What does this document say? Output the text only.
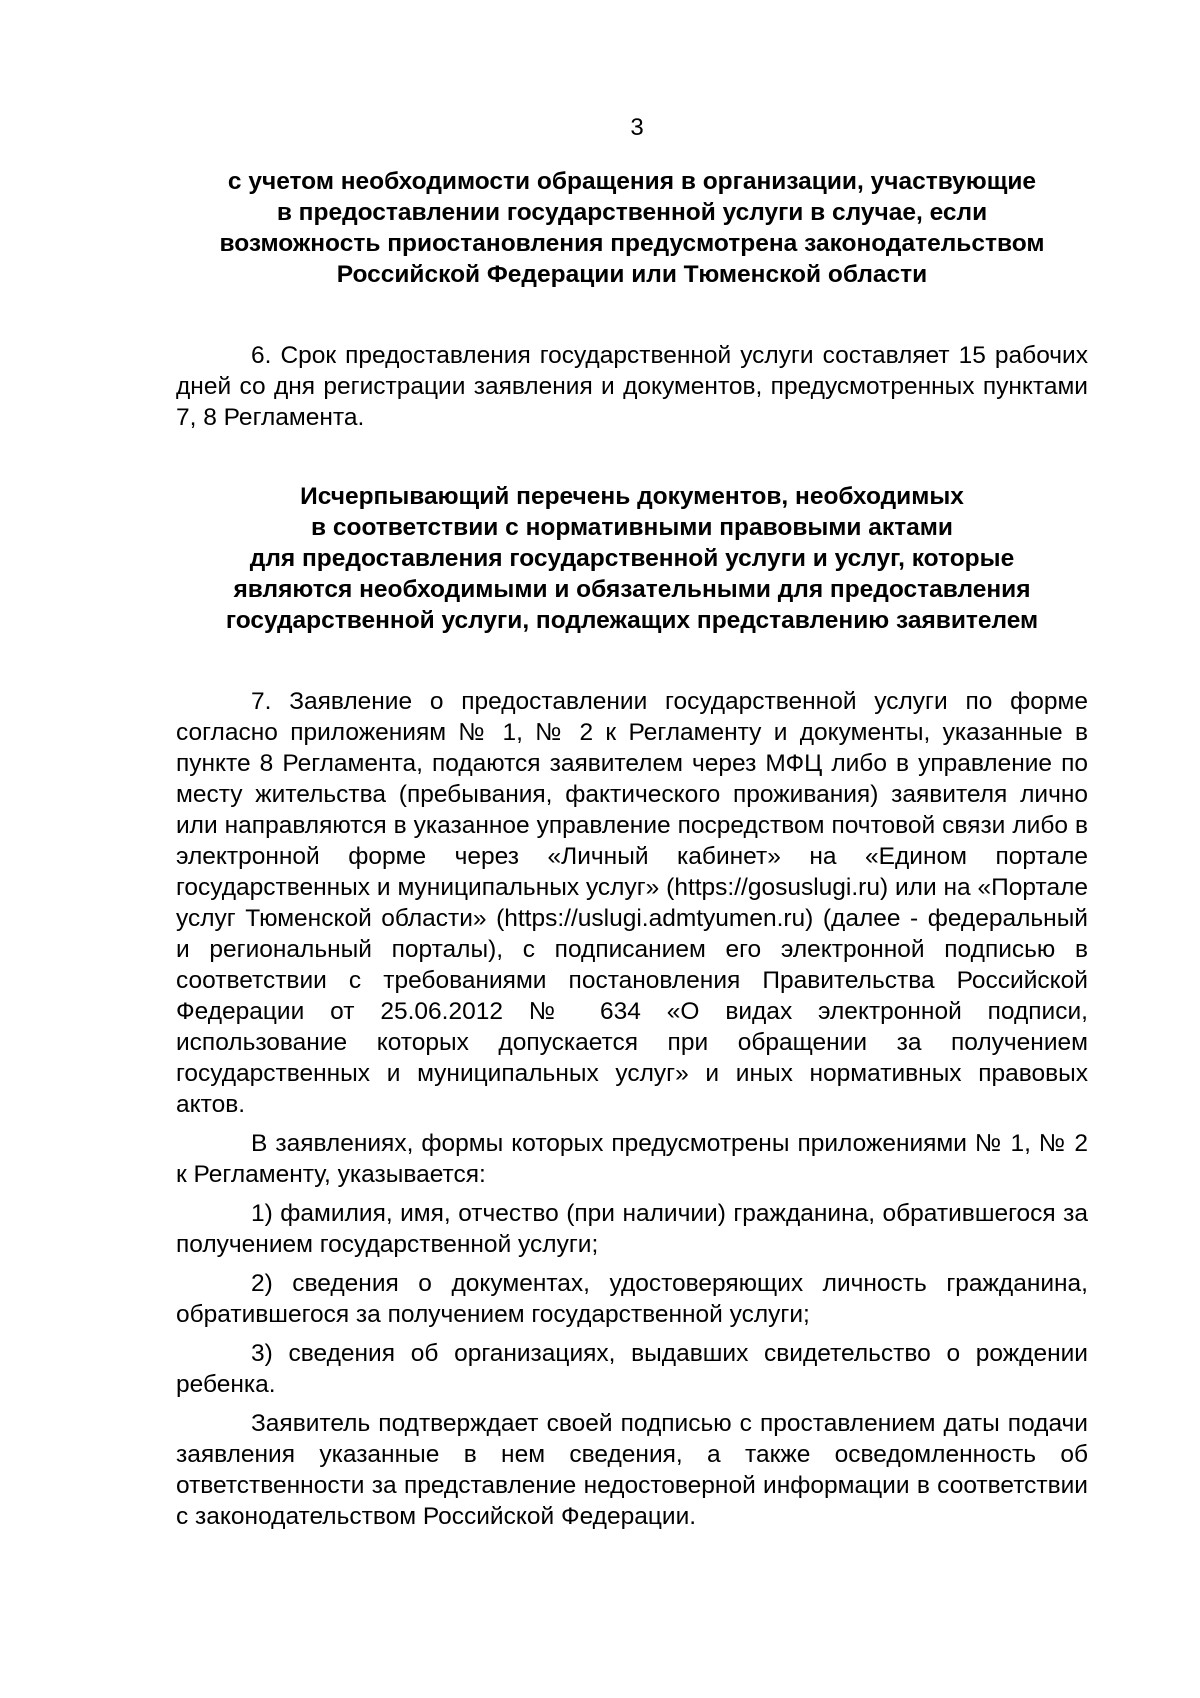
3
с учетом необходимости обращения в организации, участвующие
в предоставлении государственной услуги в случае, если
возможность приостановления предусмотрена законодательством
Российской Федерации или Тюменской области

6. Срок предоставления государственной услуги составляет 15 рабочих дней со дня регистрации заявления и документов, предусмотренных пунктами 7, 8 Регламента.

Исчерпывающий перечень документов, необходимых
в соответствии с нормативными правовыми актами
для предоставления государственной услуги и услуг, которые
являются необходимыми и обязательными для предоставления
государственной услуги, подлежащих представлению заявителем

7. Заявление о предоставлении государственной услуги по форме согласно приложениям № 1, № 2 к Регламенту и документы, указанные в пункте 8 Регламента, подаются заявителем через МФЦ либо в управление по месту жительства (пребывания, фактического проживания) заявителя лично или направляются в указанное управление посредством почтовой связи либо в электронной форме через «Личный кабинет» на «Едином портале государственных и муниципальных услуг» (https://gosuslugi.ru) или на «Портале услуг Тюменской области» (https://uslugi.admtyumen.ru) (далее - федеральный и региональный порталы), с подписанием его электронной подписью в соответствии с требованиями постановления Правительства Российской Федерации от 25.06.2012 № 634 «О видах электронной подписи, использование которых допускается при обращении за получением государственных и муниципальных услуг» и иных нормативных правовых актов.

В заявлениях, формы которых предусмотрены приложениями № 1, № 2 к Регламенту, указывается:

1) фамилия, имя, отчество (при наличии) гражданина, обратившегося за получением государственной услуги;

2) сведения о документах, удостоверяющих личность гражданина, обратившегося за получением государственной услуги;

3) сведения об организациях, выдавших свидетельство о рождении ребенка.

Заявитель подтверждает своей подписью с проставлением даты подачи заявления указанные в нем сведения, а также осведомленность об ответственности за представление недостоверной информации в соответствии с законодательством Российской Федерации.
